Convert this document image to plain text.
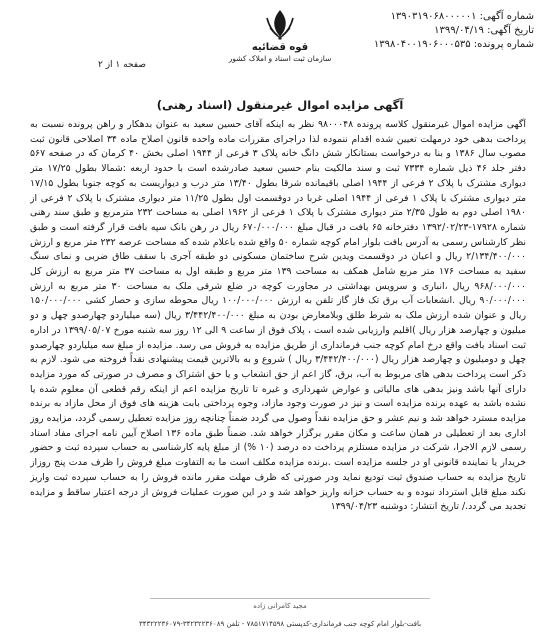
شماره آگهی: ۱۳۹۰۳۱۹۰۶۸۰۰۰۰۰۱
تاریخ آگهی: ۱۳۹۹/۰۴/۱۹
شماره پرونده: ۱۳۹۸۰۴۰۰۱۹۰۶۰۰۰۵۳۵
قوه قضائیه
سازمان ثبت اسناد و املاک کشور
صفحه ۱ از ۲
آگهی مزایده اموال غیرمنقول (اسناد رهنی)

آگهی مزایده اموال غیرمنقول کلاسه پرونده ۹۸۰۰۰۴۸ نظر به اینکه آقای حسین سعید به عنوان بدهکار و راهن پرونده نسبت به پرداخت بدهی خود درمهلت تعیین شده اقدام ننموده لذا دراجرای مقررات ماده واحده قانون اصلاح ماده ۳۴ اصلاحی قانون ثبت مصوب سال ۱۳۸۶ و بنا به درخواست بستانکار شش دانگ خانه پلاک ۳ فرعی از ۱۹۴۴ اصلی بخش ۴۰ کرمان که در صفحه ۵۶۷ دفتر جلد ۴۶ ذیل شماره ۷۳۳۴ ثبت و سند مالکیت بنام حسین سعید صادرشده است با حدود اربعه :شمالا بطول ۱۷/۲۵ متر دیواری مشترک با پلاک ۲ فرعی از ۱۹۴۴ اصلی باقیمانده شرقا بطول ۱۳/۴۰ متر درب و دیواریست به کوچه جنوبا بطول ۱۷/۱۵ متر دیواری مشترک با پلاک ۱ فرعی از ۱۹۴۴ اصلی غربا در دوقسمت اول بطول ۱۱/۲۵ متر دیواری مشترک با پلاک ۲ فرعی از ۱۹۸۰ اصلی دوم به طول ۲/۳۵ متر دیواری مشترک با پلاک ۱ فرعی از ۱۹۶۲ اصلی به مساحت ۲۳۲ مترمربع و طبق سند رهنی شماره ۱۷۹۲۸-۱۳۹۲/۰۲/۲۳ دفترخانه ۶۵ بافت در قبال مبلغ ۶۷۰/۰۰۰/۰۰۰ ریال در رهن بانک سپه بافت قرار گرفته است و طبق نظر کارشناس رسمی به آدرس بافت بلوار امام کوچه شماره ۵۰ واقع شده باعلام شده که مساحت عرصه ۲۳۲ متر مربع و ارزش ۲/۱۳۴/۴۰۰/۰۰۰ ریال و اعیان در دوقسمت ویدین شرح ساختمان مسکونی دو طبقه آجری با سقف طاق ضربی و نمای سنگ سفید به مساحت ۱۷۶ متر مربع شامل همکف به مساحت ۱۳۹ متر مربع و طبقه اول به مساحت ۳۷ متر مربع به ارزش کل ۹۶۸/۰۰۰/۰۰۰ ریال ،انباری و سرویس بهداشتی در مجاورت کوچه در ضلع شرقی ملک به مساحت ۳۰ متر مربع به ارزش ۹۰/۰۰۰/۰۰۰ ریال .انشعابات آب برق تک فاز گاز تلفن به ارزش ۱۰۰/۰۰۰/۰۰۰ ریال محوطه سازی و حصار کشی ۱۵۰/۰۰۰/۰۰۰ ریال و عنوان شده ارزش ملک به شرط طلق وبلامعارض بودن به مبلغ ۳/۴۴۲/۴۰۰/۰۰۰ ریال (سه میلیاردو چهارصدو چهل و دو میلیون و چهارصد هزار ریال )اقلیم وارزیابی شده است ، پلاک فوق از ساعت ۹ الی ۱۲ روز سه شنبه مورخ ۱۳۹۹/۰۵/۰۷ در اداره ثبت اسناد بافت واقع درخ امام کوچه جنب فرمانداری از طریق مزایده به فروش می رسد. مزایده از مبلغ سه میلیاردو چهارصدو چهل و دومیلیون و چهارصد هزار ریال (۳/۴۴۲/۴۰۰/۰۰۰ ریال ) شروع و به بالاترین قیمت پیشنهادی نقداً فروخته می شود. لازم به ذکر است پرداخت بدهی های مربوط به آب، برق، گاز اعم از حق انشعاب و یا حق اشتراک و مصرف در صورتی که مورد مزایده دارای آنها باشد ونیز بدهی های مالیاتی و عوارض شهرداری و غیره تا تاریخ مزایده اعم از اینکه رقم قطعی آن معلوم شده یا نشده باشد به عهده برنده مزایده است و نیز در صورت وجود مازاد، وجوه پرداختی بابت هزینه های فوق از محل مازاد به برنده مزایده مسترد خواهد شد و نیم عشر و حق مزایده نقداً وصول می گردد ضمناً چنانچه روز مزایده تعطیل رسمی گردد، مزایده روز اداری بعد از تعطیلی در همان ساعت و مکان مقرر برگزار خواهد شد. ضمناً طبق ماده ۱۳۶ اصلاح آیین نامه اجرای مفاد اسناد رسمی لازم الاجرا، شرکت در مزایده مستلزم پرداخت ده درصد (۱۰ %) از مبلغ پایه کارشناسی به حساب سپرده ثبت و حضور خریدار یا نماینده قانونی او در جلسه مزایده است .برنده مزایده مکلف است ما به التفاوت مبلغ فروش را ظرف مدت پنج روزاز تاریخ مزایده به حساب صندوق ثبت تودیع نماید ودر صورتی که ظرف مهلت مقرر مانده فروش را به حساب سپرده ثبت واریز نکند مبلغ قابل استرداد نبوده و به حساب خزانه واریز خواهد شد و در این صورت عملیات فروش از درجه اعتبار ساقط و مزایده تجدید می گردد./ تاریخ انتشار: دوشنبه ۱۳۹۹/۰۴/۲۳

مجید کامرانی زاده
بافت-بلوار امام کوچه جنب فرمانداری-کدپستی ۷۸۵۱۷۱۴۵۹۸ - تلفن ۳۴۲۳۲۲۳۶۰۸۹-۳۴۳۲۲۲۳۶۰۷۹
